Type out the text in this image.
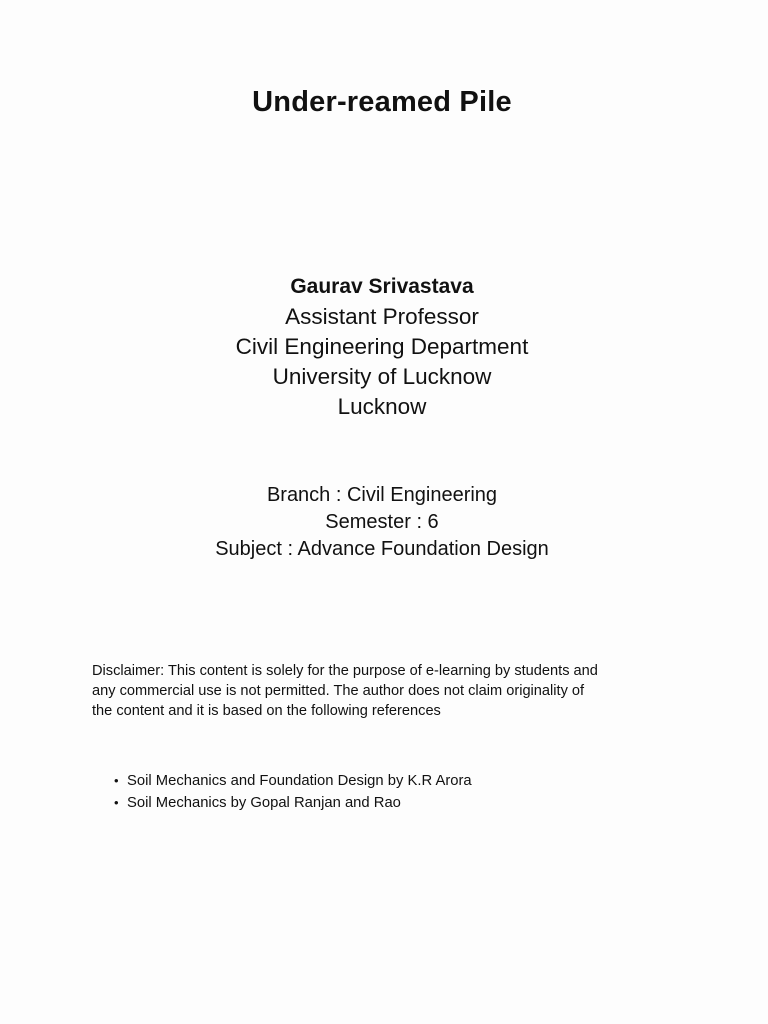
Under-reamed Pile
Gaurav Srivastava
Assistant Professor
Civil Engineering Department
University of Lucknow
Lucknow
Branch : Civil Engineering
Semester : 6
Subject : Advance Foundation Design
Disclaimer: This content is solely for the purpose of e-learning by students and
any commercial use is not permitted. The author does not claim originality of
the content and it is based on the following references
• Soil Mechanics and Foundation Design by K.R Arora
• Soil Mechanics by Gopal Ranjan and Rao
